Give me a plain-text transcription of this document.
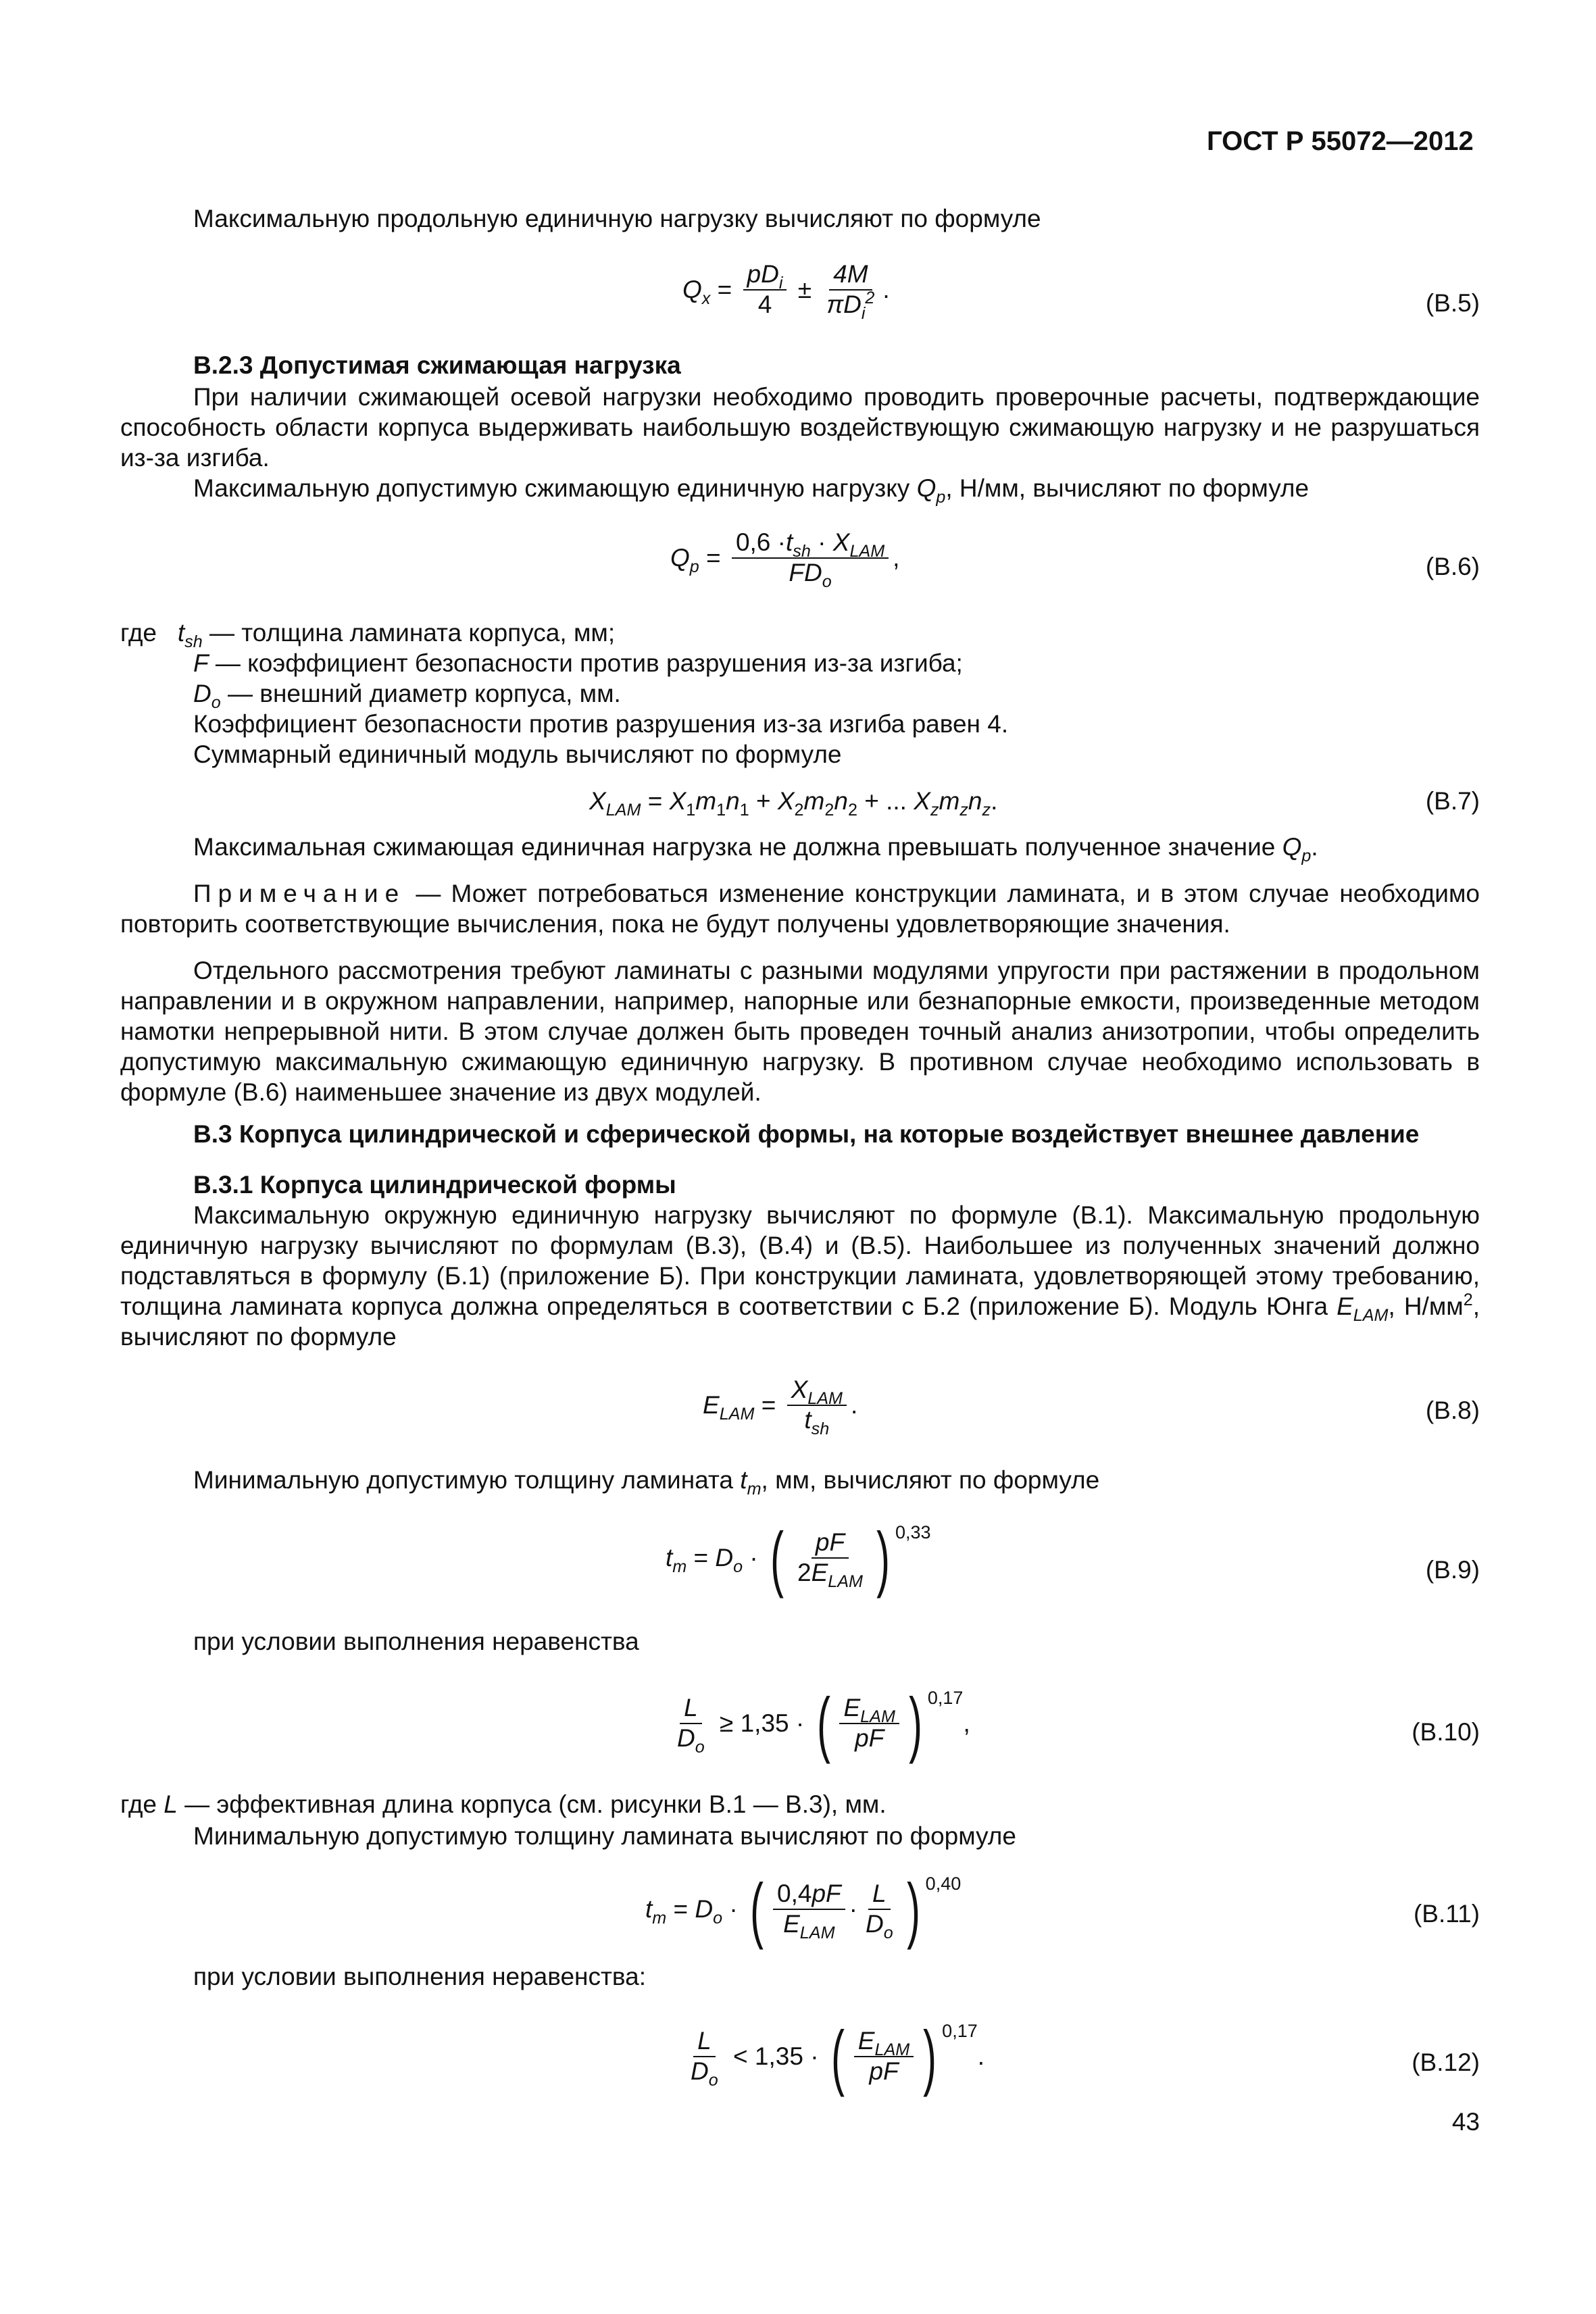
ГОСТ Р 55072—2012
Максимальную продольную единичную нагрузку вычисляют по формуле
$Q_x = \frac{pD_i}{4} \pm \frac{4M}{\pi D_i^2}$ .	(В.5)
В.2.3 Допустимая сжимающая нагрузка
При наличии сжимающей осевой нагрузки необходимо проводить проверочные расчеты, подтверждающие способность области корпуса выдерживать наибольшую воздействующую сжимающую нагрузку и не разрушаться из-за изгиба.
Максимальную допустимую сжимающую единичную нагрузку $Q_p$, Н/мм, вычисляют по формуле
$Q_p = \frac{0,6 \cdot t_{sh} \cdot X_{LAM}}{FD_o}$ ,	(В.6)
где $t_{sh}$ — толщина ламината корпуса, мм;
F — коэффициент безопасности против разрушения из-за изгиба;
$D_o$ — внешний диаметр корпуса, мм.
Коэффициент безопасности против разрушения из-за изгиба равен 4.
Суммарный единичный модуль вычисляют по формуле
$X_{LAM} = X_1m_1n_1 + X_2m_2n_2$ + ... $X_zm_zn_z$.	(В.7)
Максимальная сжимающая единичная нагрузка не должна превышать полученное значение $Q_p$.
Примечание — Может потребоваться изменение конструкции ламината, и в этом случае необходимо повторить соответствующие вычисления, пока не будут получены удовлетворяющие значения.
Отдельного рассмотрения требуют ламинаты с разными модулями упругости при растяжении в продольном направлении и в окружном направлении, например, напорные или безнапорные емкости, произведенные методом намотки непрерывной нити. В этом случае должен быть проведен точный анализ анизотропии, чтобы определить допустимую максимальную сжимающую единичную нагрузку. В противном случае необходимо использовать в формуле (В.6) наименьшее значение из двух модулей.
В.3 Корпуса цилиндрической и сферической формы, на которые воздействует внешнее давление
В.3.1 Корпуса цилиндрической формы
Максимальную окружную единичную нагрузку вычисляют по формуле (В.1). Максимальную продольную единичную нагрузку вычисляют по формулам (В.3), (В.4) и (В.5). Наибольшее из полученных значений должно подставляться в формулу (Б.1) (приложение Б). При конструкции ламината, удовлетворяющей этому требованию, толщина ламината корпуса должна определяться в соответствии с Б.2 (приложение Б). Модуль Юнга $E_{LAM}$, $Н/мм^2$, вычисляют по формуле
$E_{LAM} = \frac{X_{LAM}}{t_{sh}}$ .	(В.8)
Минимальную допустимую толщину ламината $t_m$, мм, вычисляют по формуле
$t_m = D_o$ · ( $\frac{pF}{2E_{LAM}}$ ) 0,33
(В.9)
при условии выполнения неравенства
$\frac{L}{D_o} \ge 1,35$ · ( $\frac{E_{LAM}}{pF}$ ) 0,17
,	(В.10)
где L — эффективная длина корпуса (см. рисунки В.1 — В.3), мм.
Минимальную допустимую толщину ламината вычисляют по формуле
$t_m = D_o$ · ( $\frac{0,4pF}{E_{LAM}} \cdot \frac{L}{D_o}$ ) 0,40
(В.11)
при условии выполнения неравенства:
$\frac{L}{D_o} < 1,35$ · ( $\frac{E_{LAM}}{pF}$ ) 0,17
.	(В.12)
43
